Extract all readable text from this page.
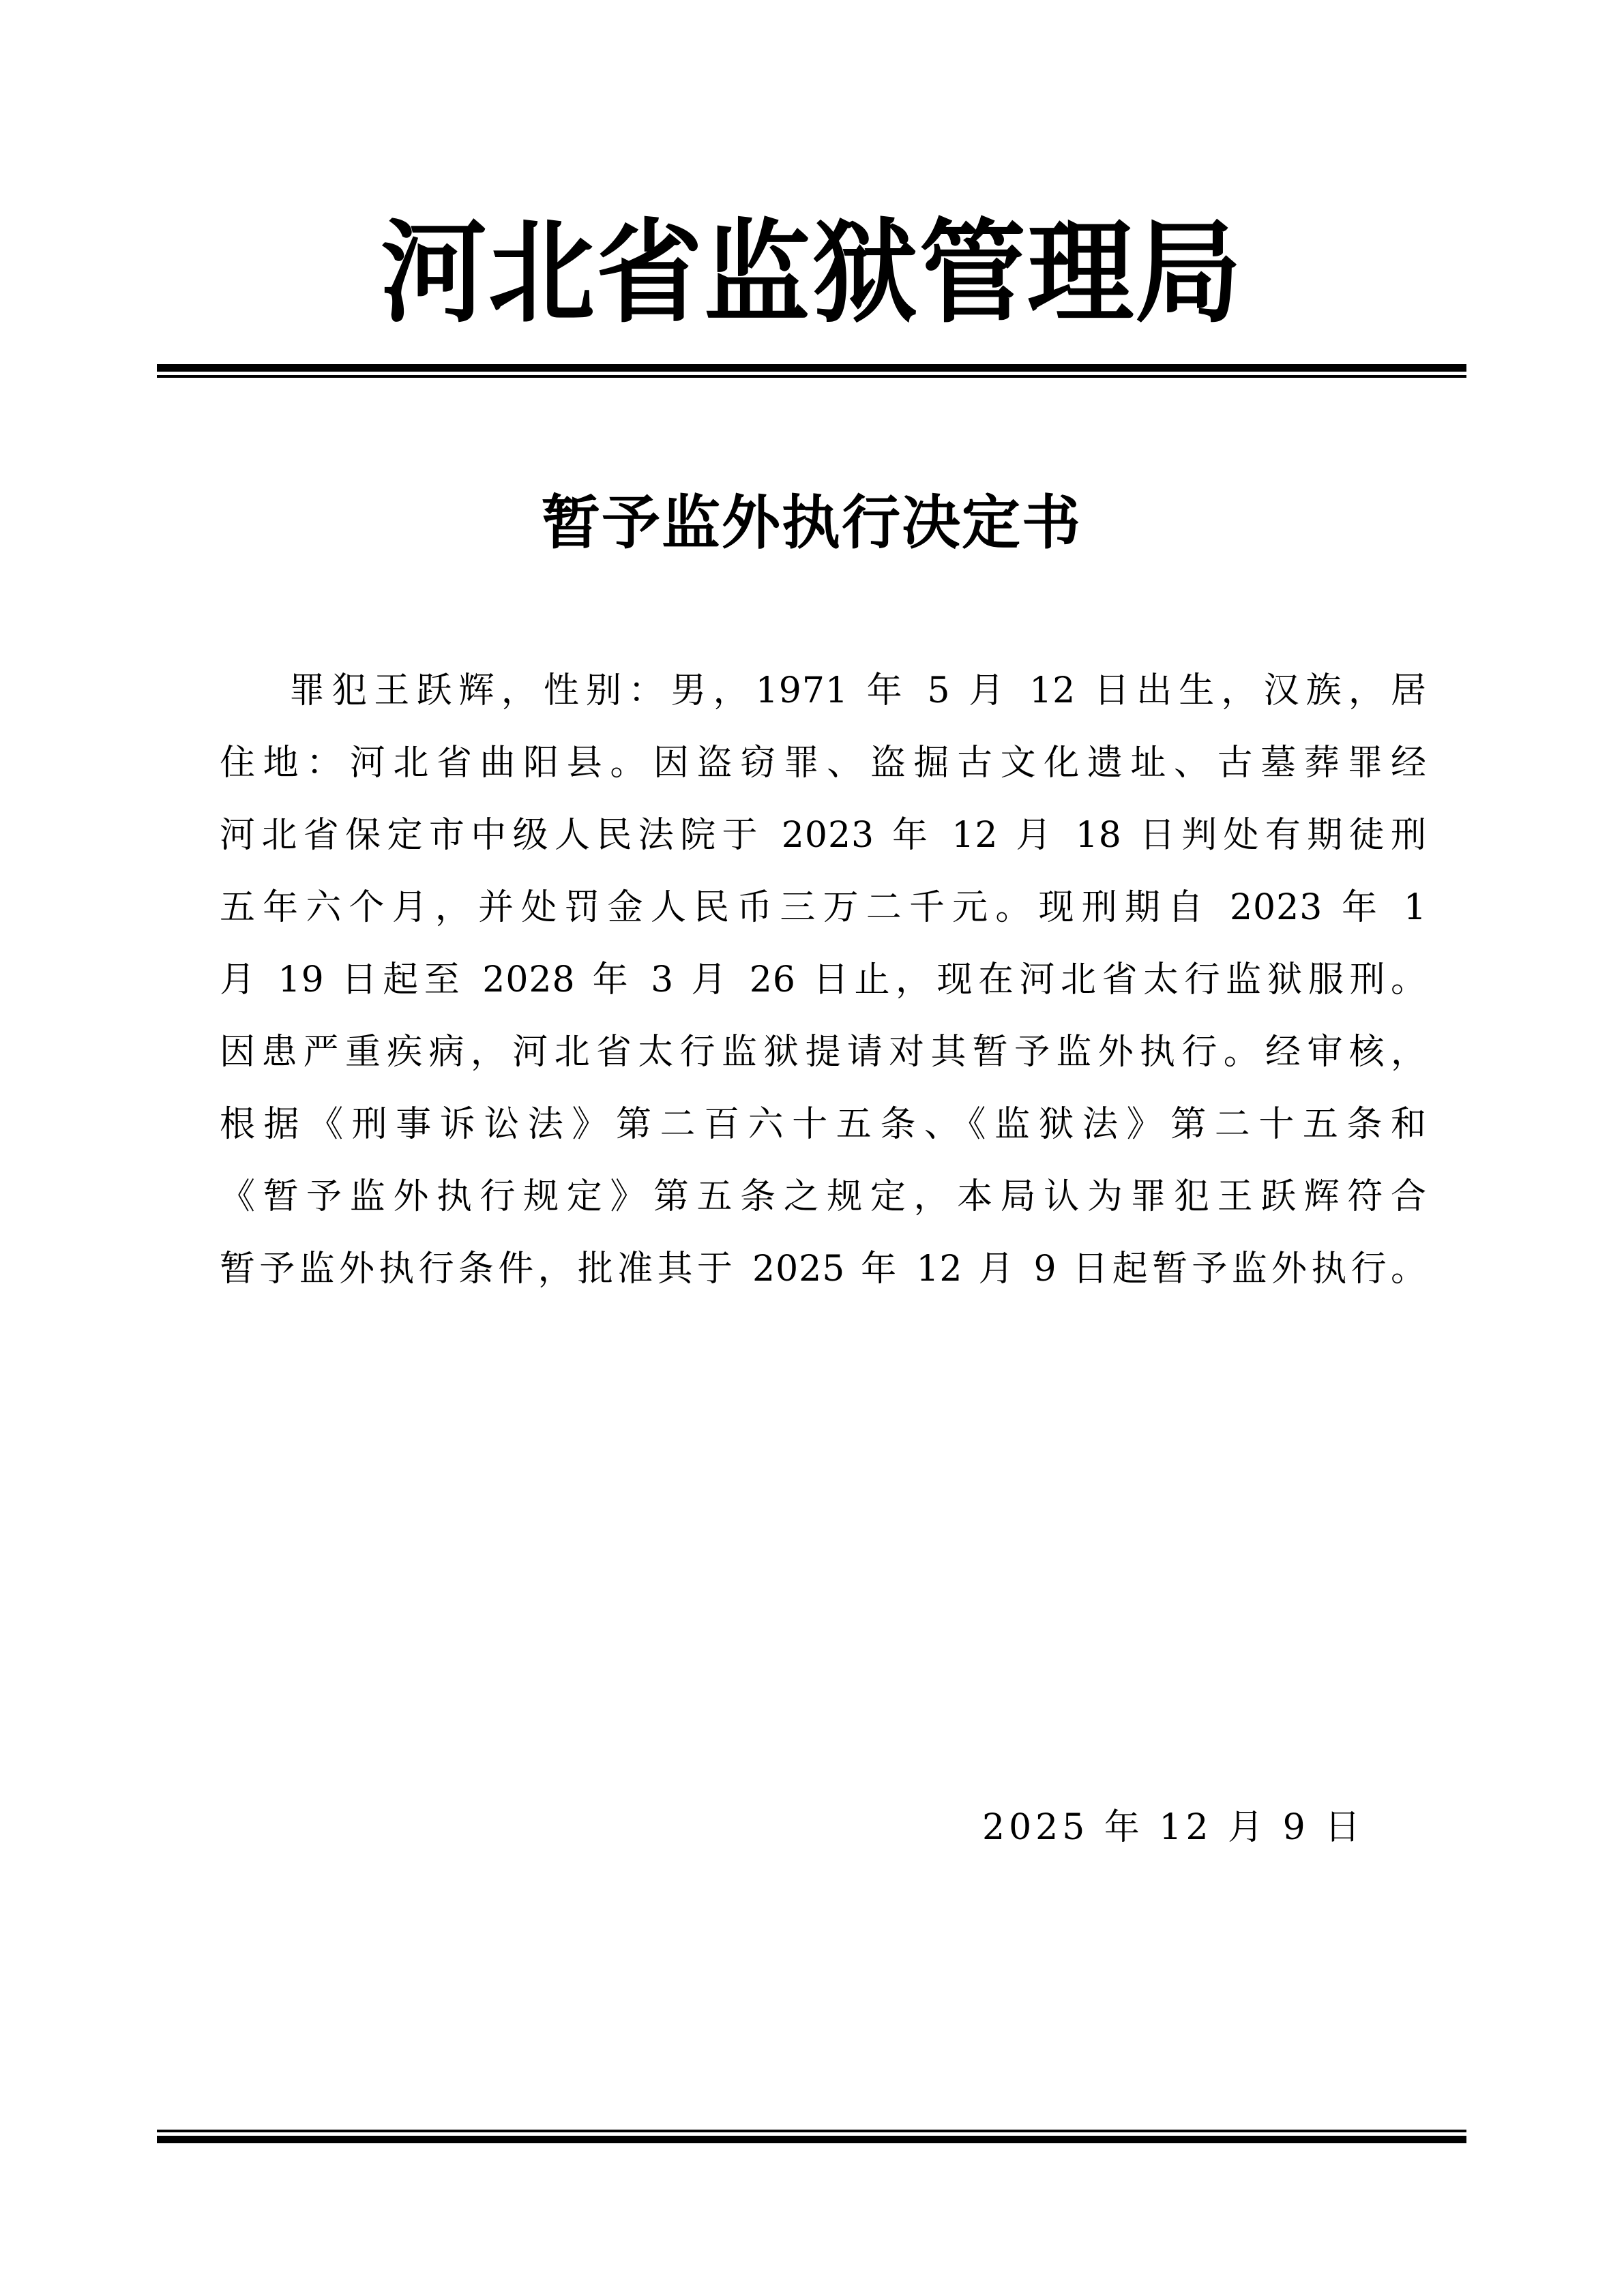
河北省监狱管理局
暂予监外执行决定书
罪犯王跃辉，性别：男，1971 年 5 月 12 日出生，汉族，居
住地：河北省曲阳县。因盗窃罪、盗掘古文化遗址、古墓葬罪经
河北省保定市中级人民法院于 2023 年 12 月 18 日判处有期徒刑
五年六个月，并处罚金人民币三万二千元。现刑期自 2023 年 1
月 19 日起至 2028 年 3 月 26 日止，现在河北省太行监狱服刑。
因患严重疾病，河北省太行监狱提请对其暂予监外执行。经审核，
根据《刑事诉讼法》第二百六十五条、《监狱法》第二十五条和
《暂予监外执行规定》第五条之规定，本局认为罪犯王跃辉符合
暂予监外执行条件，批准其于 2025 年 12 月 9 日起暂予监外执行。
2025 年 12 月 9 日
